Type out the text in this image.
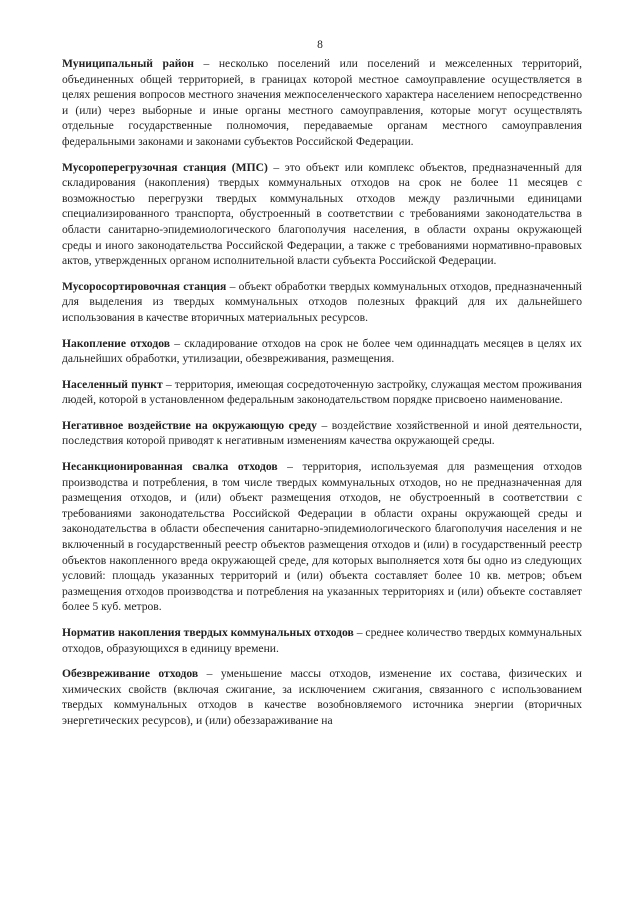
8

Муниципальный район – несколько поселений или поселений и межселенных территорий, объединенных общей территорией, в границах которой местное самоуправление осуществляется в целях решения вопросов местного значения межпоселенческого характера населением непосредственно и (или) через выборные и иные органы местного самоуправления, которые могут осуществлять отдельные государственные полномочия, передаваемые органам местного самоуправления федеральными законами и законами субъектов Российской Федерации.

Мусороперегрузочная станция (МПС) – это объект или комплекс объектов, предназначенный для складирования (накопления) твердых коммунальных отходов на срок не более 11 месяцев с возможностью перегрузки твердых коммунальных отходов между различными единицами специализированного транспорта, обустроенный в соответствии с требованиями законодательства в области санитарно-эпидемиологического благополучия населения, в области охраны окружающей среды и иного законодательства Российской Федерации, а также с требованиями нормативно-правовых актов, утвержденных органом исполнительной власти субъекта Российской Федерации.

Мусоросортировочная станция – объект обработки твердых коммунальных отходов, предназначенный для выделения из твердых коммунальных отходов полезных фракций для их дальнейшего использования в качестве вторичных материальных ресурсов.

Накопление отходов – складирование отходов на срок не более чем одиннадцать месяцев в целях их дальнейших обработки, утилизации, обезвреживания, размещения.

Населенный пункт – территория, имеющая сосредоточенную застройку, служащая местом проживания людей, которой в установленном федеральным законодательством порядке присвоено наименование.

Негативное воздействие на окружающую среду – воздействие хозяйственной и иной деятельности, последствия которой приводят к негативным изменениям качества окружающей среды.

Несанкционированная свалка отходов – территория, используемая для размещения отходов производства и потребления, в том числе твердых коммунальных отходов, но не предназначенная для размещения отходов, и (или) объект размещения отходов, не обустроенный в соответствии с требованиями законодательства Российской Федерации в области охраны окружающей среды и законодательства в области обеспечения санитарно-эпидемиологического благополучия населения и не включенный в государственный реестр объектов размещения отходов и (или) в государственный реестр объектов накопленного вреда окружающей среде, для которых выполняется хотя бы одно из следующих условий: площадь указанных территорий и (или) объекта составляет более 10 кв. метров; объем размещения отходов производства и потребления на указанных территориях и (или) объекте составляет более 5 куб. метров.

Норматив накопления твердых коммунальных отходов – среднее количество твердых коммунальных отходов, образующихся в единицу времени.

Обезвреживание отходов – уменьшение массы отходов, изменение их состава, физических и химических свойств (включая сжигание, за исключением сжигания, связанного с использованием твердых коммунальных отходов в качестве возобновляемого источника энергии (вторичных энергетических ресурсов), и (или) обеззараживание на
